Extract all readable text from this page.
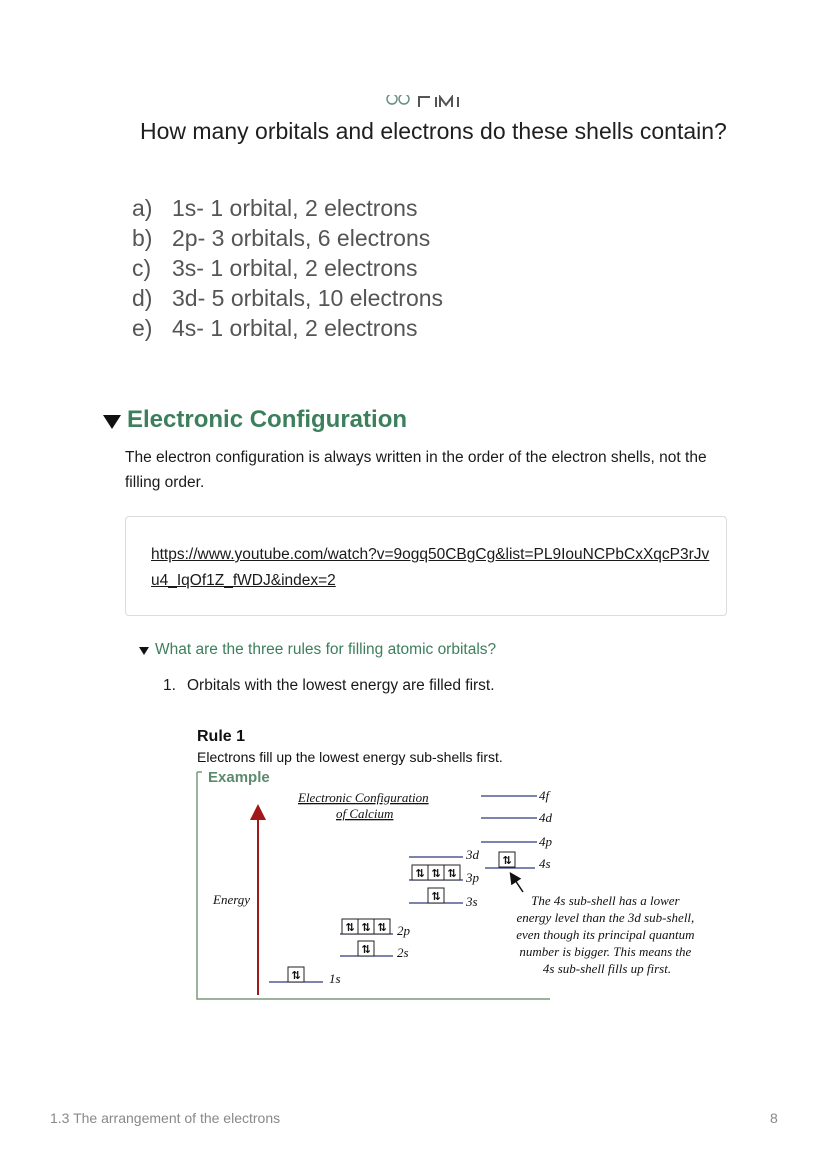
How many orbitals and electrons do these shells contain?
a) 1s- 1 orbital, 2 electrons
b) 2p- 3 orbitals, 6 electrons
c) 3s- 1 orbital, 2 electrons
d) 3d- 5 orbitals, 10 electrons
e) 4s- 1 orbital, 2 electrons
Electronic Configuration
The electron configuration is always written in the order of the electron shells, not the filling order.
https://www.youtube.com/watch?v=9ogq50CBgCg&list=PL9IouNCPbCxXqcP3rJvu4_IqOf1Z_fWDJ&index=2
What are the three rules for filling atomic orbitals?
1. Orbitals with the lowest energy are filled first.
Rule 1
Electrons fill up the lowest energy sub-shells first.
Example
Energy
Electronic Configuration
of Calcium
4f
4d
4p
3d ⇅ 4s
⇅ ⇅ ⇅ 3p
⇅ 3s
⇅ ⇅ ⇅ 2p
⇅ 2s
⇅ 1s
The 4s sub-shell has a lower energy level than the 3d sub-shell, even though its principal quantum number is bigger. This means the 4s sub-shell fills up first.
1.3 The arrangement of the electrons	8
